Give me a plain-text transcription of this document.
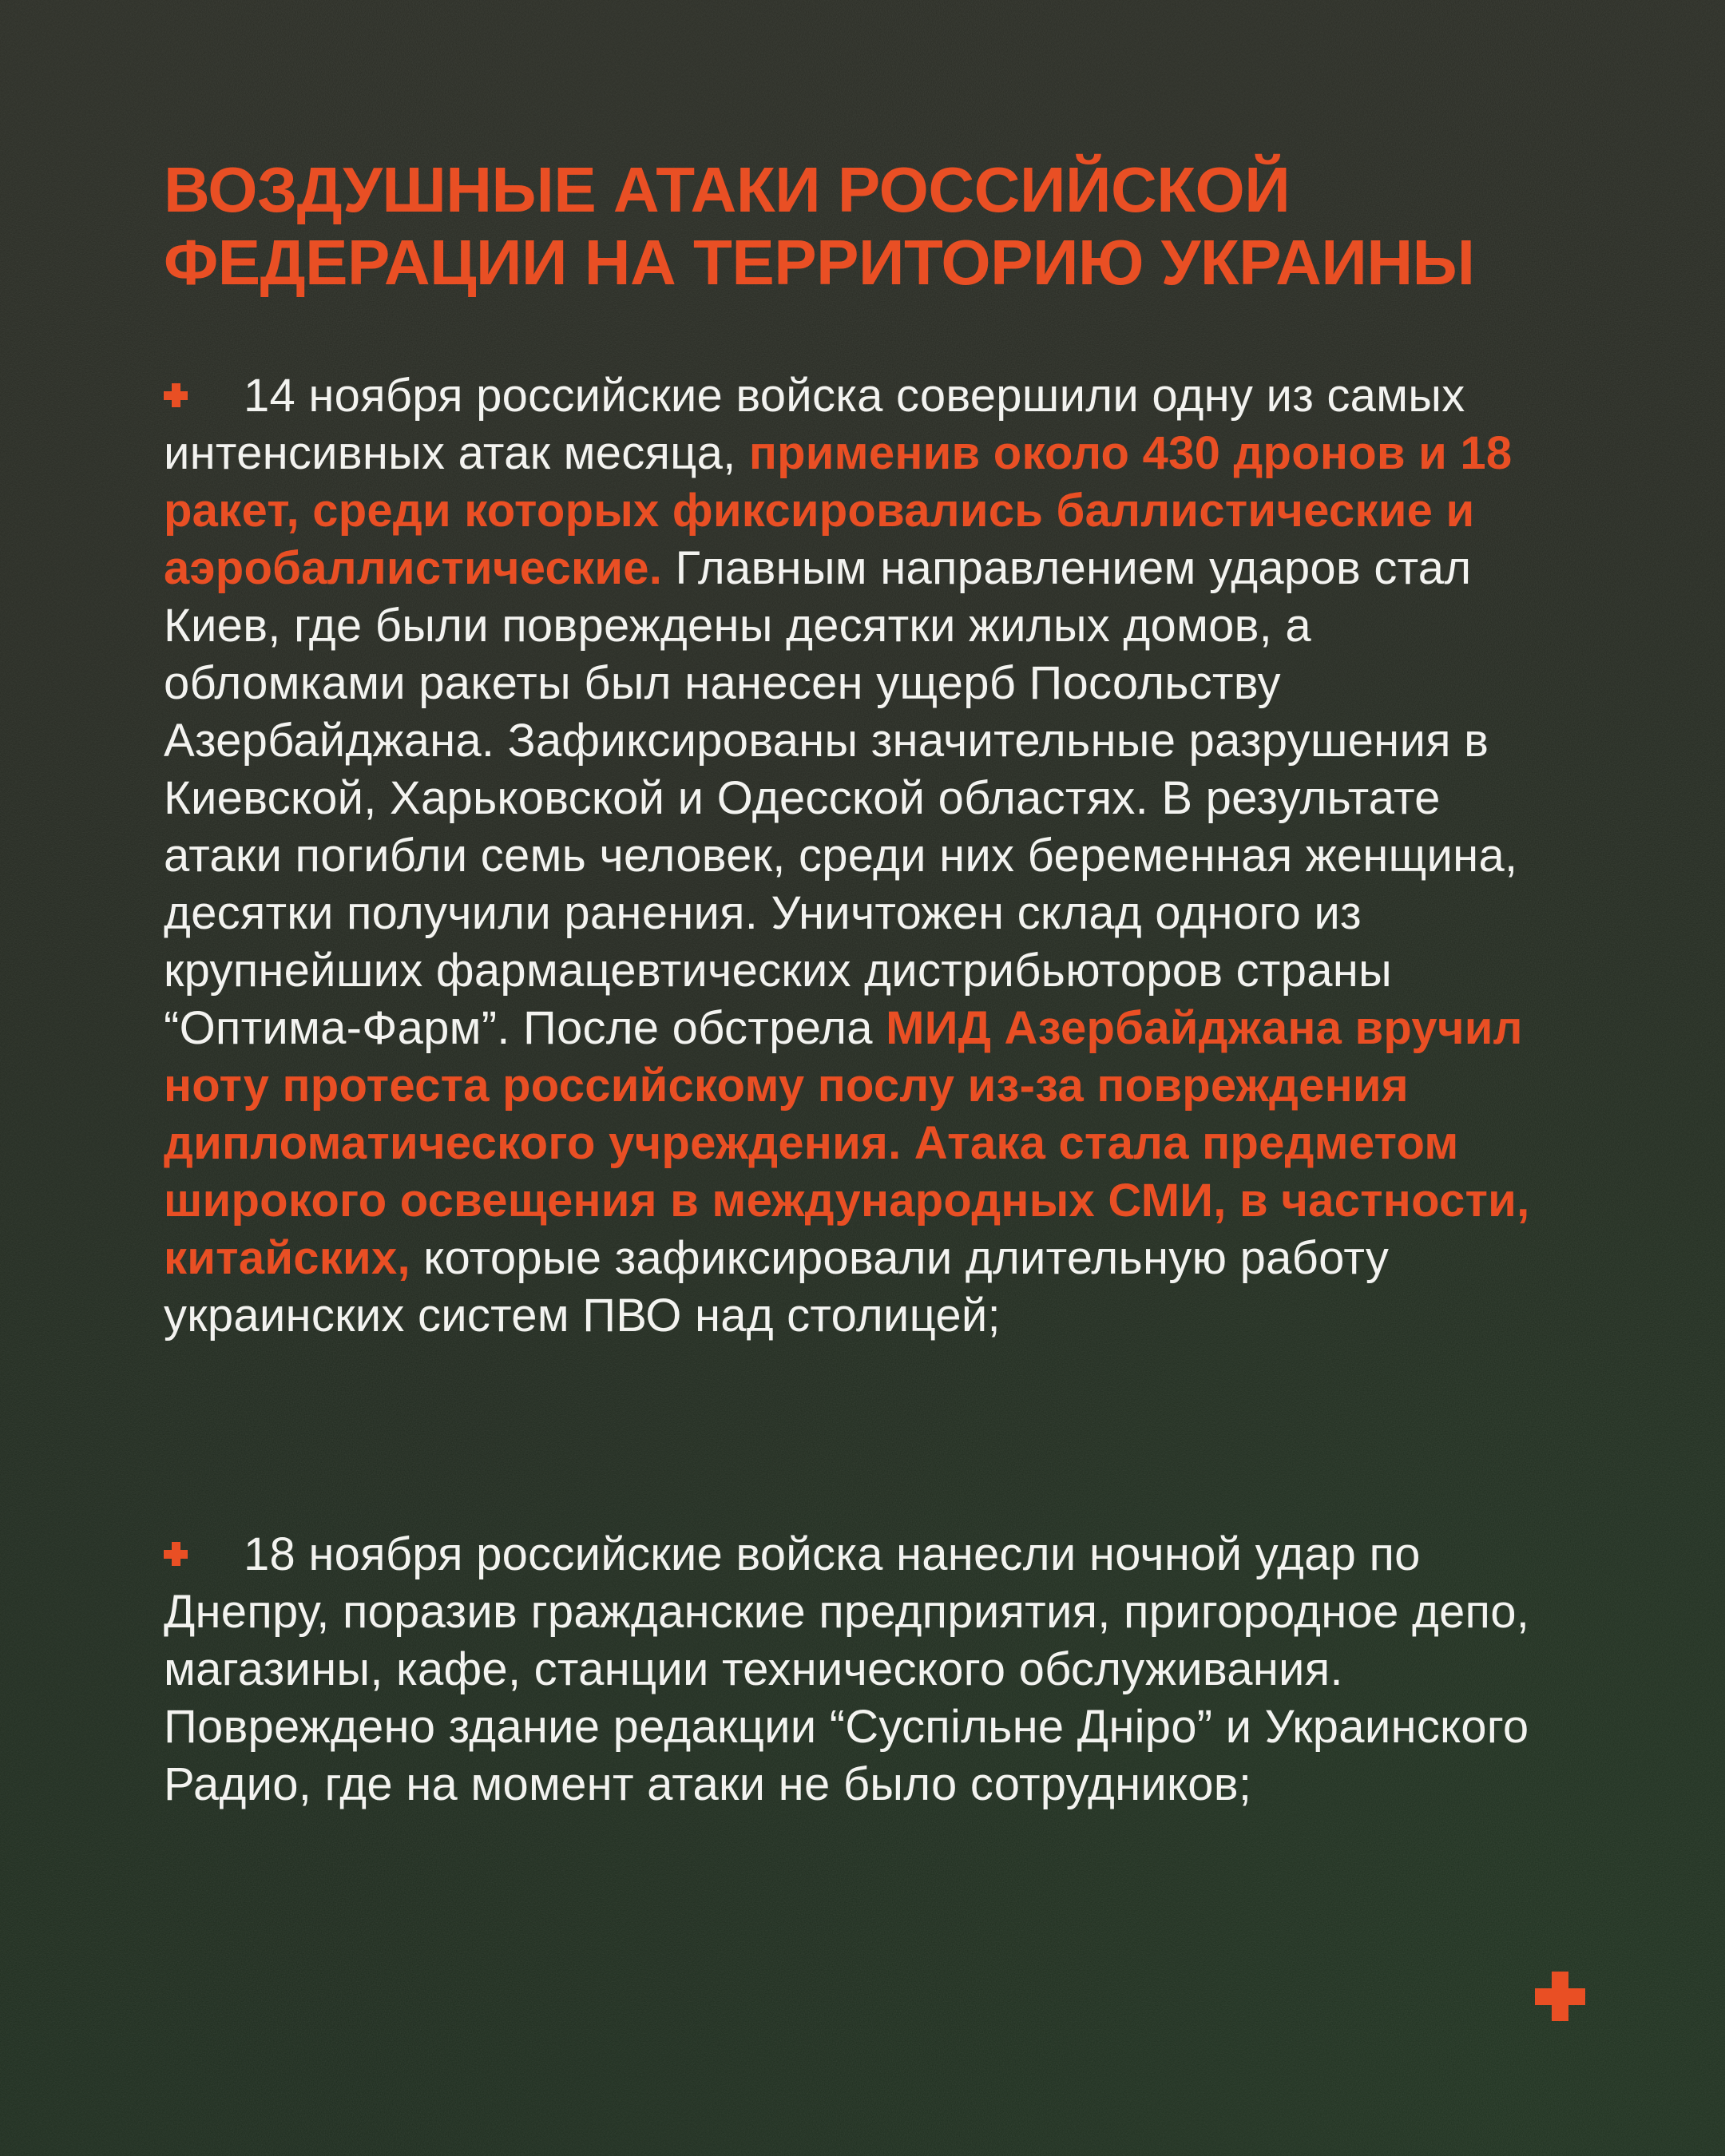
ВОЗДУШНЫЕ АТАКИ РОССИЙСКОЙ
ФЕДЕРАЦИИ НА ТЕРРИТОРИЮ УКРАИНЫ

14 ноября российские войска совершили одну из самых интенсивных атак месяца, применив около 430 дронов и 18 ракет, среди которых фиксировались баллистические и аэробаллистические. Главным направлением ударов стал Киев, где были повреждены десятки жилых домов, а обломками ракеты был нанесен ущерб Посольству Азербайджана. Зафиксированы значительные разрушения в Киевской, Харьковской и Одесской областях. В результате атаки погибли семь человек, среди них беременная женщина, десятки получили ранения. Уничтожен склад одного из крупнейших фармацевтических дистрибьюторов страны “Оптима-Фарм”. После обстрела МИД Азербайджана вручил ноту протеста российскому послу из-за повреждения дипломатического учреждения. Атака стала предметом широкого освещения в международных СМИ, в частности, китайских, которые зафиксировали длительную работу украинских систем ПВО над столицей;

18 ноября российские войска нанесли ночной удар по Днепру, поразив гражданские предприятия, пригородное депо, магазины, кафе, станции технического обслуживания. Повреждено здание редакции “Суспільне Дніро” и Украинского Радио, где на момент атаки не было сотрудников;
